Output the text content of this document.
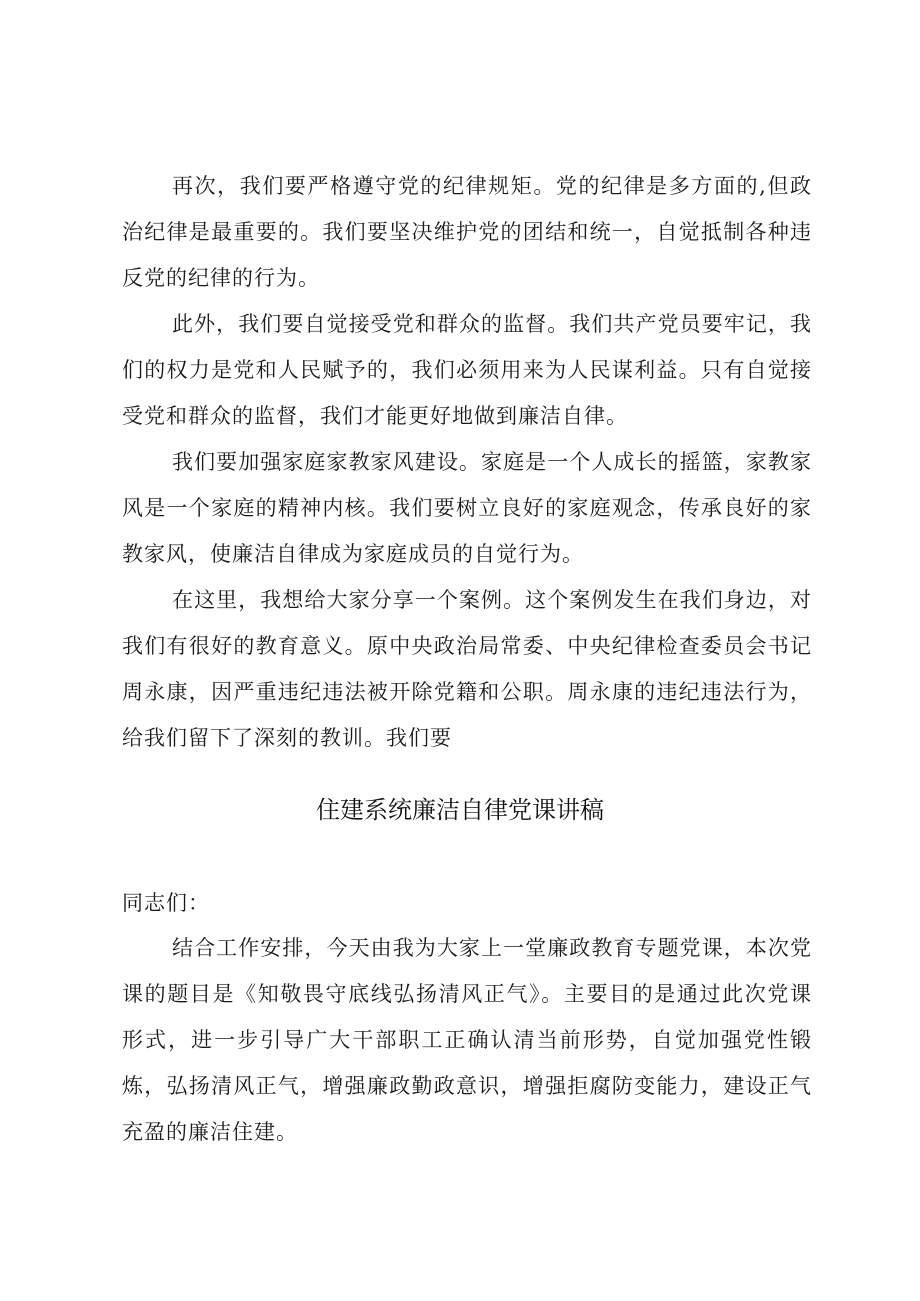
再次，我们要严格遵守党的纪律规矩。党的纪律是多方面的,但政治纪律是最重要的。我们要坚决维护党的团结和统一，自觉抵制各种违反党的纪律的行为。

此外，我们要自觉接受党和群众的监督。我们共产党员要牢记，我们的权力是党和人民赋予的，我们必须用来为人民谋利益。只有自觉接受党和群众的监督，我们才能更好地做到廉洁自律。

我们要加强家庭家教家风建设。家庭是一个人成长的摇篮，家教家风是一个家庭的精神内核。我们要树立良好的家庭观念，传承良好的家教家风，使廉洁自律成为家庭成员的自觉行为。

在这里，我想给大家分享一个案例。这个案例发生在我们身边，对我们有很好的教育意义。原中央政治局常委、中央纪律检查委员会书记周永康，因严重违纪违法被开除党籍和公职。周永康的违纪违法行为，给我们留下了深刻的教训。我们要

住建系统廉洁自律党课讲稿
同志们：

结合工作安排，今天由我为大家上一堂廉政教育专题党课，本次党课的题目是《知敬畏守底线弘扬清风正气》。主要目的是通过此次党课形式，进一步引导广大干部职工正确认清当前形势，自觉加强党性锻炼，弘扬清风正气，增强廉政勤政意识，增强拒腐防变能力，建设正气充盈的廉洁住建。
